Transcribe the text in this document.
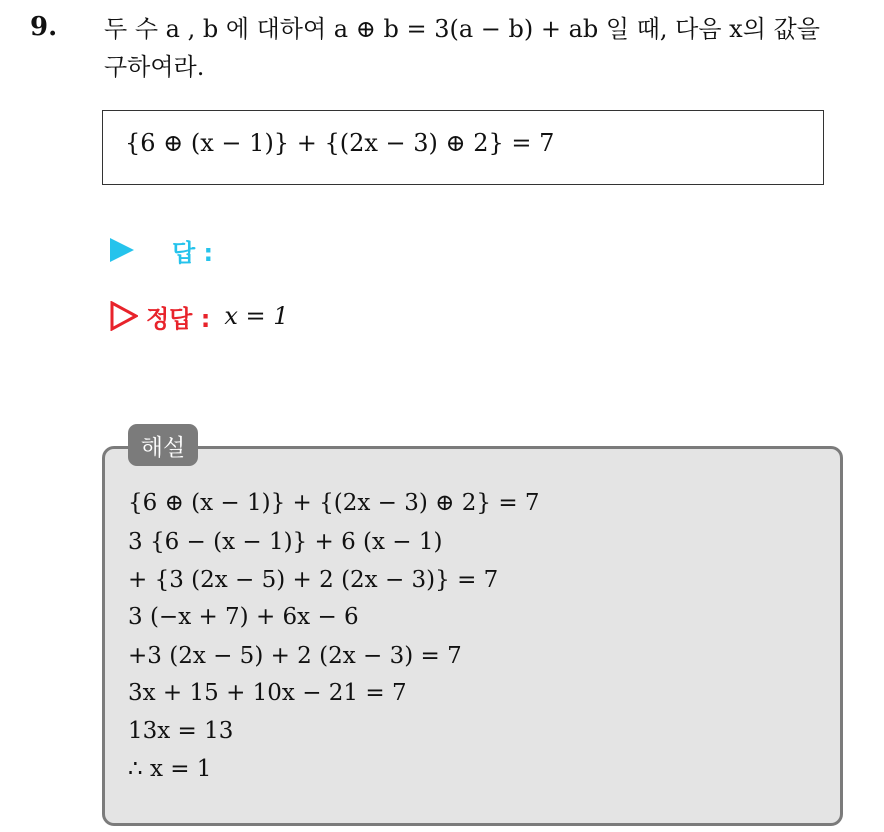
9. 두 수 a , b 에 대하여 a ⊕ b = 3(a − b) + ab 일 때, 다음 x의 값을
구하여라.
{6 ⊕ (x − 1)} + {(2x − 3) ⊕ 2} = 7
답 :
정답 : x = 1
해설
{6 ⊕ (x − 1)} + {(2x − 3) ⊕ 2} = 7
3 {6 − (x − 1)} + 6 (x − 1)
+ {3 (2x − 5) + 2 (2x − 3)} = 7
3 (−x + 7) + 6x − 6
+3 (2x − 5) + 2 (2x − 3) = 7
3x + 15 + 10x − 21 = 7
13x = 13
∴ x = 1
